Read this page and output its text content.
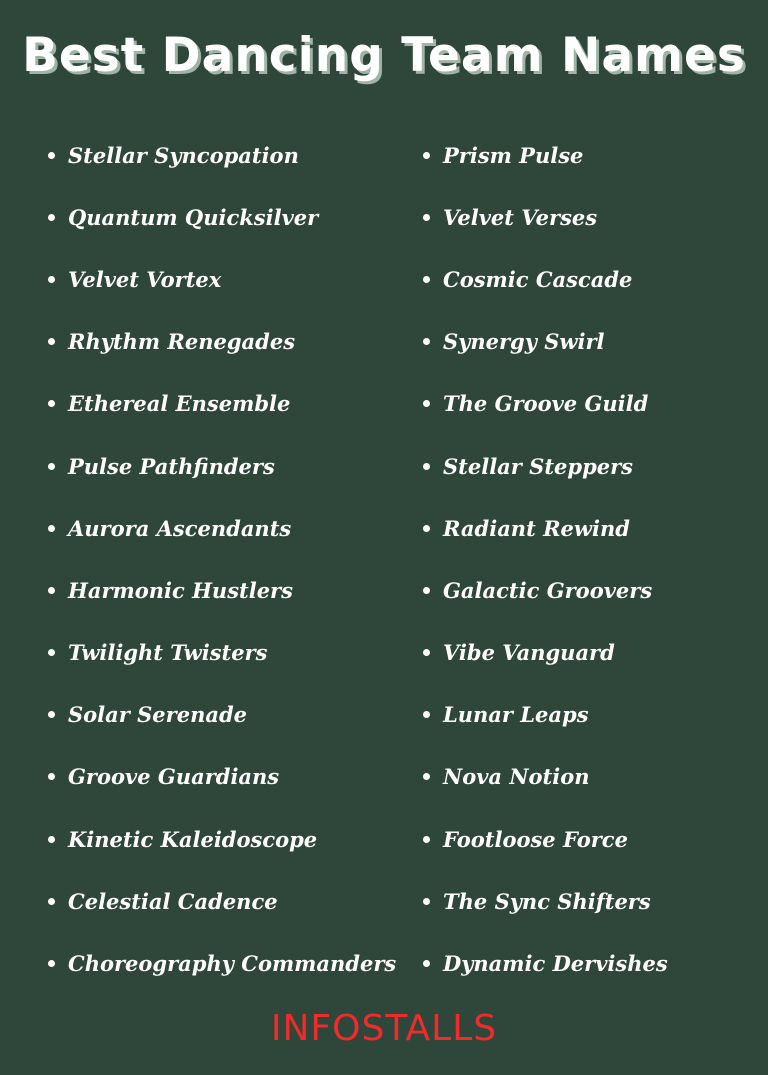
Best Dancing Team Names
Stellar Syncopation
Quantum Quicksilver
Velvet Vortex
Rhythm Renegades
Ethereal Ensemble
Pulse Pathfinders
Aurora Ascendants
Harmonic Hustlers
Twilight Twisters
Solar Serenade
Groove Guardians
Kinetic Kaleidoscope
Celestial Cadence
Choreography Commanders
Prism Pulse
Velvet Verses
Cosmic Cascade
Synergy Swirl
The Groove Guild
Stellar Steppers
Radiant Rewind
Galactic Groovers
Vibe Vanguard
Lunar Leaps
Nova Notion
Footloose Force
The Sync Shifters
Dynamic Dervishes
INFOSTALLS
